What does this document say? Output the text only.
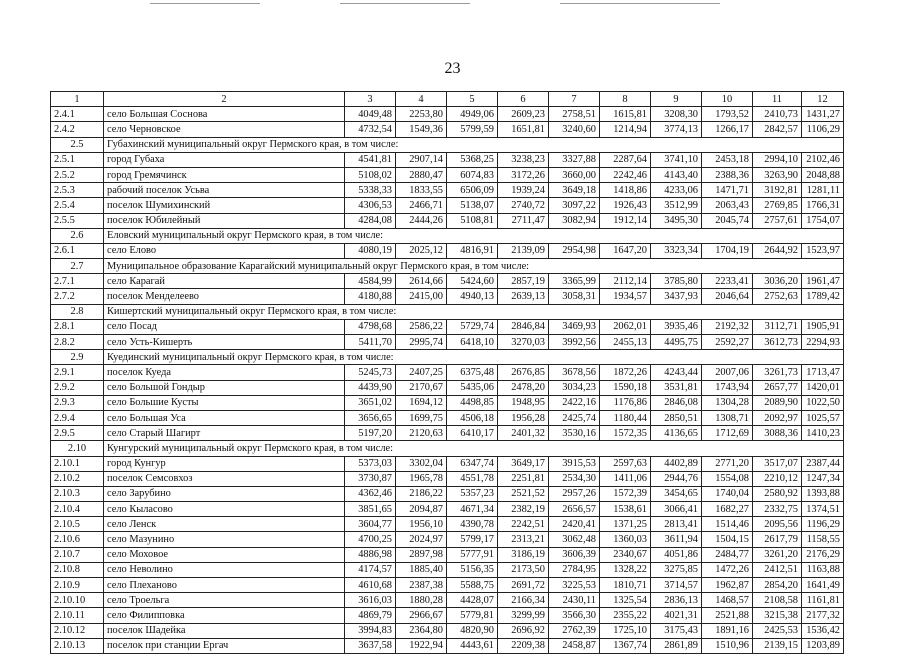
23
1	2	3	4	5	6	7	8	9	10	11	12
2.4.1	село Большая Соснова	4049,48	2253,80	4949,06	2609,23	2758,51	1615,81	3208,30	1793,52	2410,73	1431,27
2.4.2	село Черновское	4732,54	1549,36	5799,59	1651,81	3240,60	1214,94	3774,13	1266,17	2842,57	1106,29
2.5	Губахинский муниципальный округ Пермского края, в том числе:										
2.5.1	город Губаха	4541,81	2907,14	5368,25	3238,23	3327,88	2287,64	3741,10	2453,18	2994,10	2102,46
2.5.2	город Гремячинск	5108,02	2880,47	6074,83	3172,26	3660,00	2242,46	4143,40	2388,36	3263,90	2048,88
2.5.3	рабочий поселок Усьва	5338,33	1833,55	6506,09	1939,24	3649,18	1418,86	4233,06	1471,71	3192,81	1281,11
2.5.4	поселок Шумихинский	4306,53	2466,71	5138,07	2740,72	3097,22	1926,43	3512,99	2063,43	2769,85	1766,31
2.5.5	поселок Юбилейный	4284,08	2444,26	5108,81	2711,47	3082,94	1912,14	3495,30	2045,74	2757,61	1754,07
2.6	Еловский муниципальный округ Пермского края, в том числе:										
2.6.1	село Елово	4080,19	2025,12	4816,91	2139,09	2954,98	1647,20	3323,34	1704,19	2644,92	1523,97
2.7	Муниципальное образование Карагайский муниципальный округ Пермского края, в том числе:										
2.7.1	село Карагай	4584,99	2614,66	5424,60	2857,19	3365,99	2112,14	3785,80	2233,41	3036,20	1961,47
2.7.2	поселок Менделеево	4180,88	2415,00	4940,13	2639,13	3058,31	1934,57	3437,93	2046,64	2752,63	1789,42
2.8	Кишертский муниципальный округ Пермского края, в том числе:										
2.8.1	село Посад	4798,68	2586,22	5729,74	2846,84	3469,93	2062,01	3935,46	2192,32	3112,71	1905,91
2.8.2	село Усть-Кишерть	5411,70	2995,74	6418,10	3270,03	3992,56	2455,13	4495,75	2592,27	3612,73	2294,93
2.9	Куединский муниципальный округ Пермского края, в том числе:										
2.9.1	поселок Куеда	5245,73	2407,25	6375,48	2676,85	3678,56	1872,26	4243,44	2007,06	3261,73	1713,47
2.9.2	село Большой Гондыр	4439,90	2170,67	5435,06	2478,20	3034,23	1590,18	3531,81	1743,94	2657,77	1420,01
2.9.3	село Большие Кусты	3651,02	1694,12	4498,85	1948,95	2422,16	1176,86	2846,08	1304,28	2089,90	1022,50
2.9.4	село Большая Уса	3656,65	1699,75	4506,18	1956,28	2425,74	1180,44	2850,51	1308,71	2092,97	1025,57
2.9.5	село Старый Шагирт	5197,20	2120,63	6410,17	2401,32	3530,16	1572,35	4136,65	1712,69	3088,36	1410,23
2.10	Кунгурский муниципальный округ Пермского края, в том числе:										
2.10.1	город Кунгур	5373,03	3302,04	6347,74	3649,17	3915,53	2597,63	4402,89	2771,20	3517,07	2387,44
2.10.2	поселок Семсовхоз	3730,87	1965,78	4551,78	2251,81	2534,30	1411,06	2944,76	1554,08	2210,12	1247,34
2.10.3	село Зарубино	4362,46	2186,22	5357,23	2521,52	2957,26	1572,39	3454,65	1740,04	2580,92	1393,88
2.10.4	село Кыласово	3851,65	2094,87	4671,34	2382,19	2656,57	1538,61	3066,41	1682,27	2332,75	1374,51
2.10.5	село Ленск	3604,77	1956,10	4390,78	2242,51	2420,41	1371,25	2813,41	1514,46	2095,56	1196,29
2.10.6	село Мазунино	4700,25	2024,97	5799,17	2313,21	3062,48	1360,03	3611,94	1504,15	2617,79	1158,55
2.10.7	село Моховое	4886,98	2897,98	5777,91	3186,19	3606,39	2340,67	4051,86	2484,77	3261,20	2176,29
2.10.8	село Неволино	4174,57	1885,40	5156,35	2173,50	2784,95	1328,22	3275,85	1472,26	2412,51	1163,88
2.10.9	село Плеханово	4610,68	2387,38	5588,75	2691,72	3225,53	1810,71	3714,57	1962,87	2854,20	1641,49
2.10.10	село Троельга	3616,03	1880,28	4428,07	2166,34	2430,11	1325,54	2836,13	1468,57	2108,58	1161,81
2.10.11	село Филипповка	4869,79	2966,67	5779,81	3299,99	3566,30	2355,22	4021,31	2521,88	3215,38	2177,32
2.10.12	поселок Шадейка	3994,83	2364,80	4820,90	2696,92	2762,39	1725,10	3175,43	1891,16	2425,53	1536,42
2.10.13	поселок при станции Ергач	3637,58	1922,94	4443,61	2209,38	2458,87	1367,74	2861,89	1510,96	2139,15	1203,89
